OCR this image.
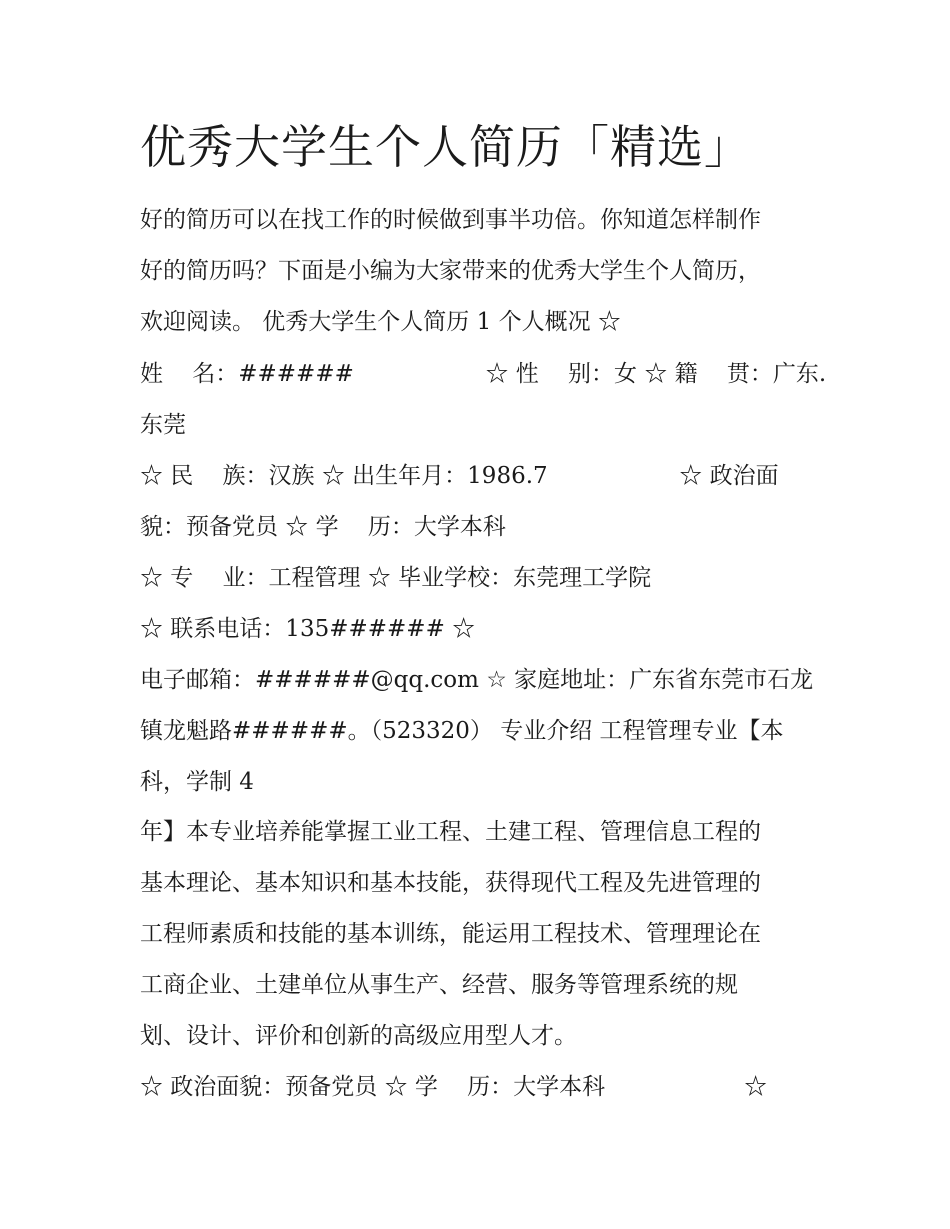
优秀大学生个人简历「精选」

好的简历可以在找工作的时候做到事半功倍。你知道怎样制作

好的简历吗？下面是小编为大家带来的优秀大学生个人简历，

欢迎阅读。 优秀大学生个人简历 1 个人概况 ☆

姓    名：######                  ☆ 性    别：女 ☆ 籍    贯：广东.

东莞

☆ 民    族：汉族 ☆ 出生年月：1986.7                  ☆ 政治面

貌：预备党员 ☆ 学    历：大学本科

☆ 专    业：工程管理 ☆ 毕业学校：东莞理工学院

☆ 联系电话：135###### ☆

电子邮箱：######@qq.com ☆ 家庭地址：广东省东莞市石龙

镇龙魁路######。（523320） 专业介绍 工程管理专业【本

科，学制 4

年】本专业培养能掌握工业工程、土建工程、管理信息工程的

基本理论、基本知识和基本技能，获得现代工程及先进管理的

工程师素质和技能的基本训练，能运用工程技术、管理理论在

工商企业、土建单位从事生产、经营、服务等管理系统的规

划、设计、评价和创新的高级应用型人才。

☆ 政治面貌：预备党员 ☆ 学    历：大学本科                   ☆
